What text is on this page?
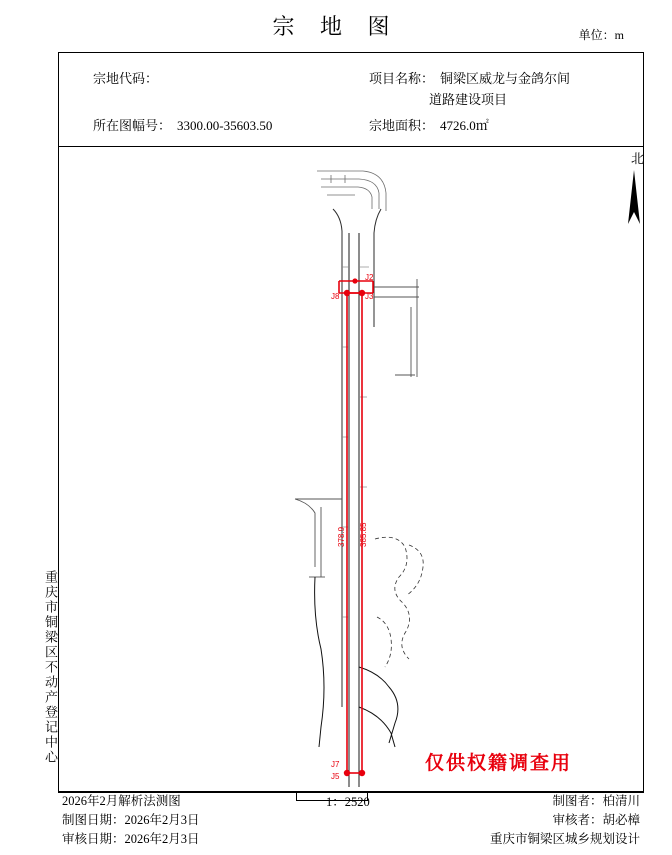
宗 地 图	单位：m
宗地代码：
所在图幅号： 3300.00-35603.50
项目名称： 铜梁区威龙与金鸽尔间
道路建设项目
宗地面积： 4726.0㎡
J2
J3
J8
J7
J5
378.9 385.85
北
重庆市铜梁区不动产登记中心	仅供权籍调查用
2026年2月解析法测图
制图日期：2026年2月3日
审核日期：2026年2月3日
1：2520	制图者：柏清川
审核者：胡必樟
重庆市铜梁区城乡规划设计
